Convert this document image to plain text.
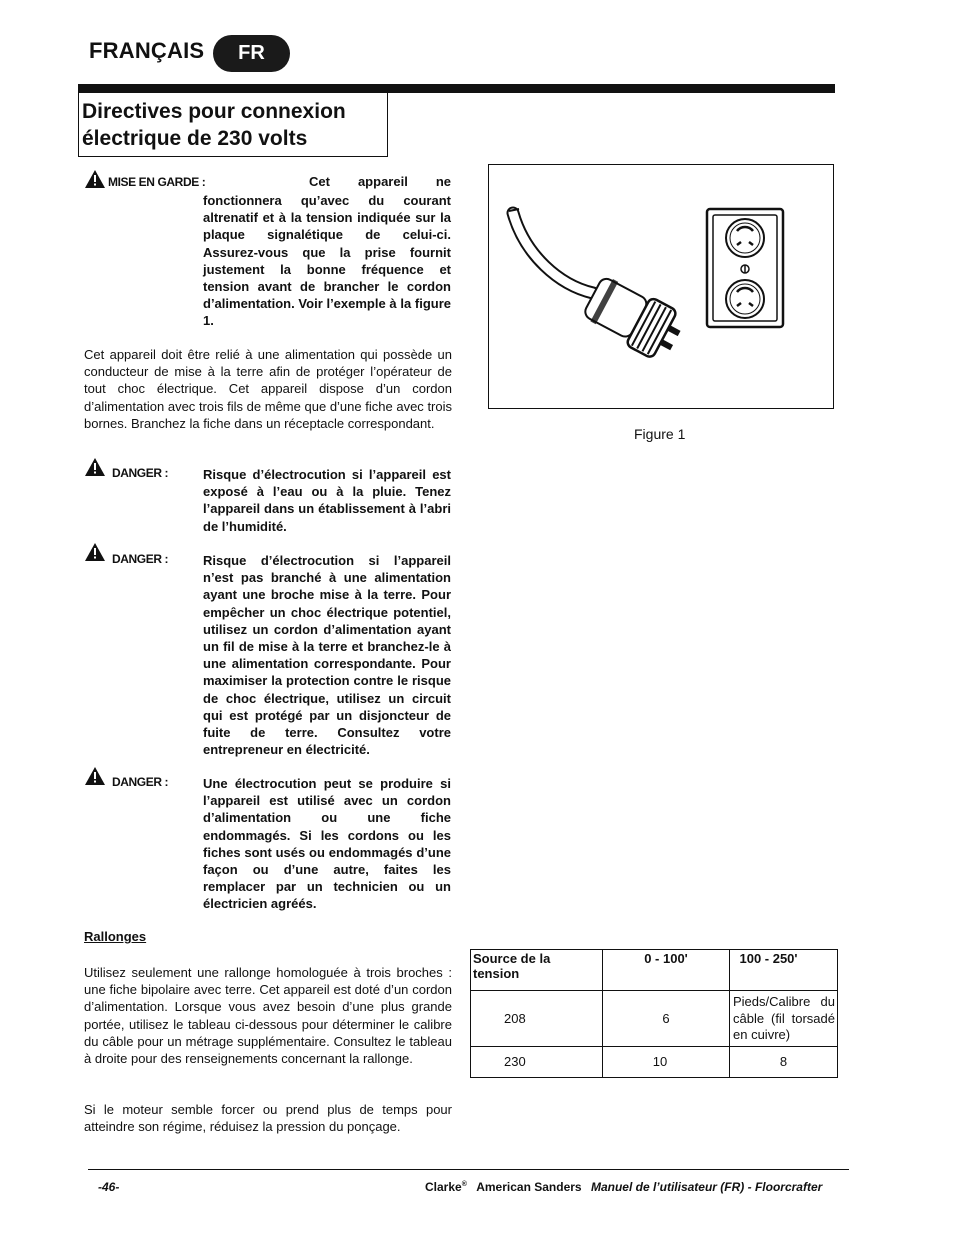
FRANÇAIS	FR
Directives pour connexion
électrique de 230 volts
MISE EN GARDE :	Cet appareil ne
fonctionnera qu’avec du courant altrenatif et à la tension indiquée sur la plaque signalétique de celui-ci. Assurez-vous que la prise fournit justement la bonne fréquence et tension avant de brancher le cordon d’alimentation. Voir l’exemple à la figure 1.
Cet appareil doit être relié à une alimentation qui possède un conducteur de mise à la terre afin de protéger l’opérateur de tout choc électrique. Cet appareil dispose d’un cordon d’alimentation avec trois fils de même que d’une fiche avec trois bornes. Branchez la fiche dans un réceptacle correspondant.
DANGER :	Risque d’électrocution si l’appareil est exposé à l’eau ou à la pluie. Tenez l’appareil dans un établissement à l’abri de l’humidité.
DANGER :	Risque d’électrocution si l’appareil n’est pas branché à une alimentation ayant une broche mise à la terre. Pour empêcher un choc électrique potentiel, utilisez un cordon d’alimentation ayant un fil de mise à la terre et branchez-le à une alimentation correspondante. Pour maximiser la protection contre le risque de choc électrique, utilisez un circuit qui est protégé par un disjoncteur de fuite de terre. Consultez votre entrepreneur en électricité.
DANGER :	Une électrocution peut se produire si l’appareil est utilisé avec un cordon d’alimentation ou une fiche endommagés. Si les cordons ou les fiches sont usés ou endommagés d’une façon ou d’une autre, faites les remplacer par un technicien ou un électricien agréés.
Figure 1
Rallonges
Utilisez seulement une rallonge homologuée à trois broches : une fiche bipolaire avec terre. Cet appareil est doté d’un cordon d’alimentation. Lorsque vous avez besoin d’une plus grande portée, utilisez le tableau ci-dessous pour déterminer le calibre du câble pour un métrage supplémentaire. Consultez le tableau à droite pour des renseignements concernant la rallonge.
Si le moteur semble forcer ou prend plus de temps pour atteindre son régime, réduisez la pression du ponçage.
Source de la tension	0 - 100'	100 - 250'
208	6	Pieds/Calibre du câble (fil torsadé en cuivre)
230	10	8
-46-	Clarke® American Sanders Manuel de l’utilisateur (FR) - Floorcrafter
